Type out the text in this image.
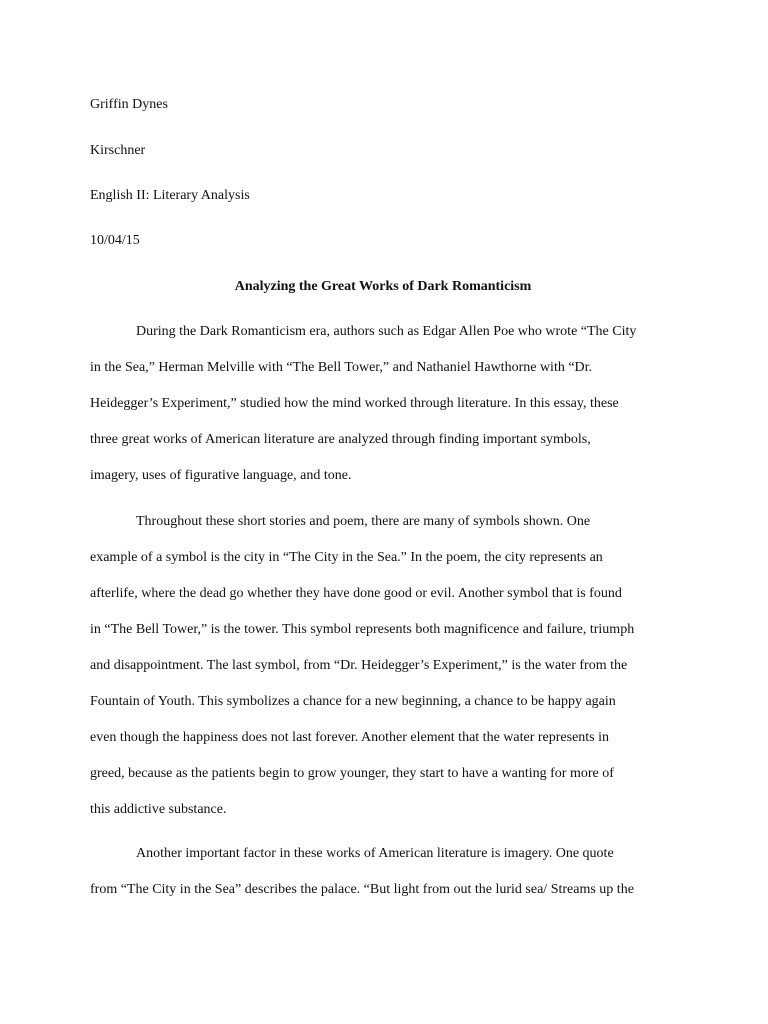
Griffin Dynes
Kirschner
English II: Literary Analysis
10/04/15
Analyzing the Great Works of Dark Romanticism
During the Dark Romanticism era, authors such as Edgar Allen Poe who wrote “The City
in the Sea,” Herman Melville with “The Bell Tower,” and Nathaniel Hawthorne with “Dr.
Heidegger’s Experiment,” studied how the mind worked through literature. In this essay, these
three great works of American literature are analyzed through finding important symbols,
imagery, uses of figurative language, and tone.
Throughout these short stories and poem, there are many of symbols shown. One
example of a symbol is the city in “The City in the Sea.” In the poem, the city represents an
afterlife, where the dead go whether they have done good or evil. Another symbol that is found
in “The Bell Tower,” is the tower. This symbol represents both magnificence and failure, triumph
and disappointment. The last symbol, from “Dr. Heidegger’s Experiment,” is the water from the
Fountain of Youth. This symbolizes a chance for a new beginning, a chance to be happy again
even though the happiness does not last forever. Another element that the water represents in
greed, because as the patients begin to grow younger, they start to have a wanting for more of
this addictive substance.
Another important factor in these works of American literature is imagery. One quote
from “The City in the Sea” describes the palace. “But light from out the lurid sea/ Streams up the
